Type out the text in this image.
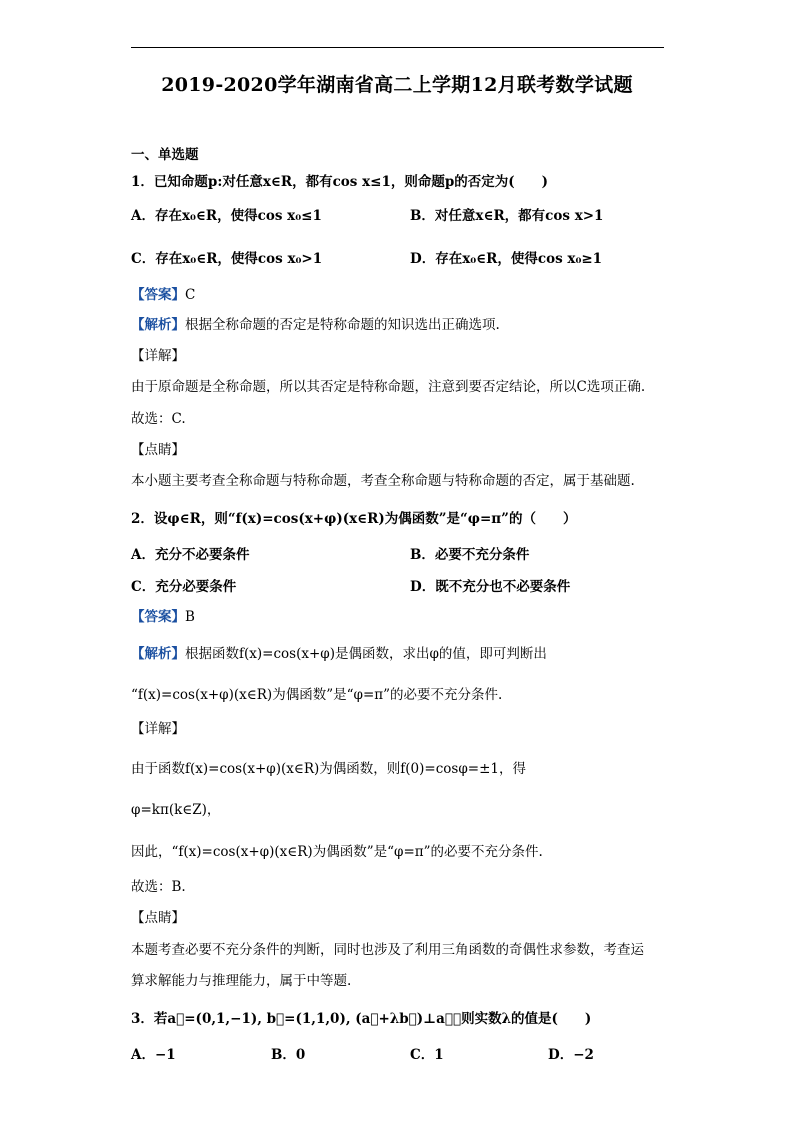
2019-2020学年湖南省高二上学期12月联考数学试题
一、单选题
1．已知命题p:对任意x∈R，都有cos x≤1，则命题p的否定为(　　)
A．存在x₀∈R，使得cos x₀≤1	B．对任意x∈R，都有cos x>1
C．存在x₀∈R，使得cos x₀>1	D．存在x₀∈R，使得cos x₀≥1
【答案】C
【解析】根据全称命题的否定是特称命题的知识选出正确选项.
【详解】
由于原命题是全称命题，所以其否定是特称命题，注意到要否定结论，所以C选项正确.
故选：C.
【点睛】
本小题主要考查全称命题与特称命题，考查全称命题与特称命题的否定，属于基础题.
2．设φ∈R，则“f(x)=cos(x+φ)(x∈R)为偶函数”是“φ=π”的（　　）
A．充分不必要条件	B．必要不充分条件
C．充分必要条件	D．既不充分也不必要条件
【答案】B
【解析】根据函数f(x)=cos(x+φ)是偶函数，求出φ的值，即可判断出
“f(x)=cos(x+φ)(x∈R)为偶函数”是“φ=π”的必要不充分条件.
【详解】
由于函数f(x)=cos(x+φ)(x∈R)为偶函数，则f(0)=cosφ=±1，得
φ=kπ(k∈Z)，
因此，“f(x)=cos(x+φ)(x∈R)为偶函数”是“φ=π”的必要不充分条件.
故选：B.
【点睛】
本题考查必要不充分条件的判断，同时也涉及了利用三角函数的奇偶性求参数，考查运
算求解能力与推理能力，属于中等题.
3．若a⃗=(0,1,−1), b⃗=(1,1,0), (a⃗+λb⃗)⊥a⃗，则实数λ的值是(　　)
A．−1	B．0	C．1	D．−2
